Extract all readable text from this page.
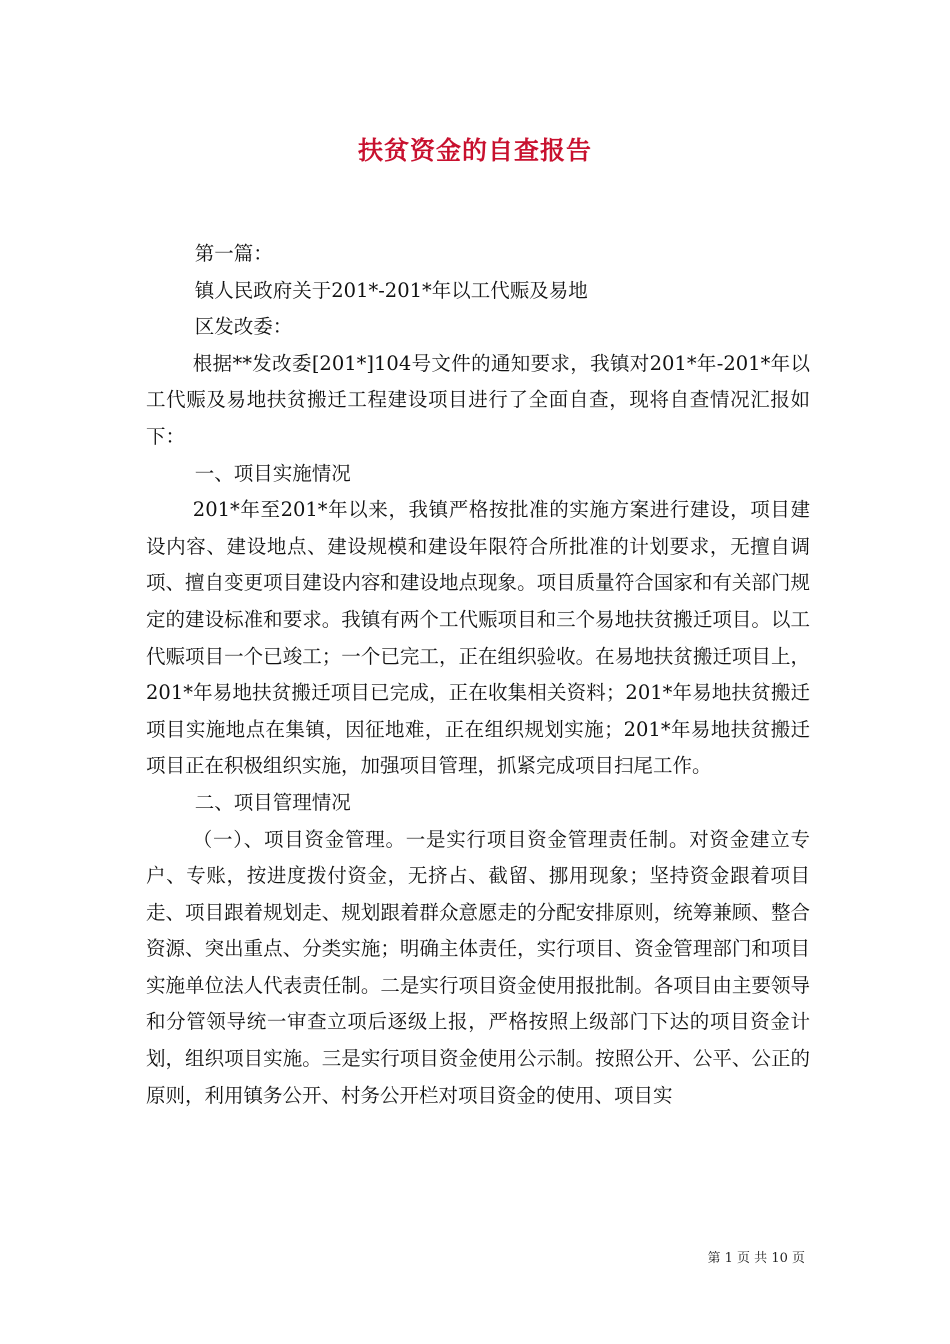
扶贫资金的自查报告

第一篇：

镇人民政府关于201*-201*年以工代赈及易地

区发改委：

根据**发改委[201*]104号文件的通知要求，我镇对201*年-201*年以工代赈及易地扶贫搬迁工程建设项目进行了全面自查，现将自查情况汇报如下：

一、项目实施情况

201*年至201*年以来，我镇严格按批准的实施方案进行建设，项目建设内容、建设地点、建设规模和建设年限符合所批准的计划要求，无擅自调项、擅自变更项目建设内容和建设地点现象。项目质量符合国家和有关部门规定的建设标准和要求。我镇有两个工代赈项目和三个易地扶贫搬迁项目。以工代赈项目一个已竣工；一个已完工，正在组织验收。在易地扶贫搬迁项目上，201*年易地扶贫搬迁项目已完成，正在收集相关资料；201*年易地扶贫搬迁项目实施地点在集镇，因征地难，正在组织规划实施；201*年易地扶贫搬迁项目正在积极组织实施，加强项目管理，抓紧完成项目扫尾工作。

二、项目管理情况

（一）、项目资金管理。一是实行项目资金管理责任制。对资金建立专户、专账，按进度拨付资金，无挤占、截留、挪用现象；坚持资金跟着项目走、项目跟着规划走、规划跟着群众意愿走的分配安排原则，统筹兼顾、整合资源、突出重点、分类实施；明确主体责任，实行项目、资金管理部门和项目实施单位法人代表责任制。二是实行项目资金使用报批制。各项目由主要领导和分管领导统一审查立项后逐级上报，严格按照上级部门下达的项目资金计划，组织项目实施。三是实行项目资金使用公示制。按照公开、公平、公正的原则，利用镇务公开、村务公开栏对项目资金的使用、项目实

第 1 页 共 10 页
